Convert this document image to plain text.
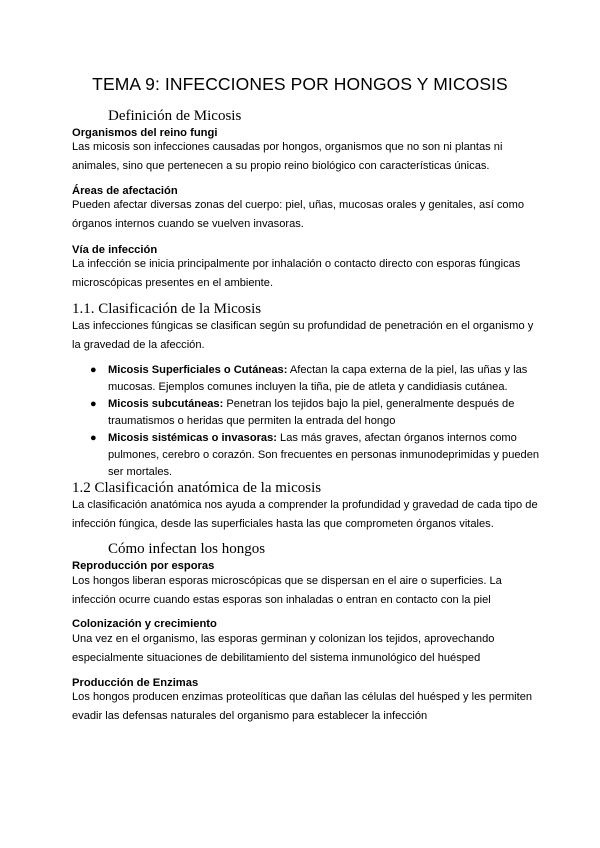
TEMA 9: INFECCIONES POR HONGOS Y MICOSIS
Definición de Micosis
Organismos del reino fungi

Las micosis son infecciones causadas por hongos, organismos que no son ni plantas ni animales, sino que pertenecen a su propio reino biológico con características únicas.

Áreas de afectación

Pueden afectar diversas zonas del cuerpo: piel, uñas, mucosas orales y genitales, así como órganos internos cuando se vuelven invasoras.

Vía de infección

La infección se inicia principalmente por inhalación o contacto directo con esporas fúngicas microscópicas presentes en el ambiente.

1.1. Clasificación de la Micosis

Las infecciones fúngicas se clasifican según su profundidad de penetración en el organismo y la gravedad de la afección.

● Micosis Superficiales o Cutáneas: Afectan la capa externa de la piel, las uñas y las mucosas. Ejemplos comunes incluyen la tiña, pie de atleta y candidiasis cutánea.
● Micosis subcutáneas: Penetran los tejidos bajo la piel, generalmente después de traumatismos o heridas que permiten la entrada del hongo
● Micosis sistémicas o invasoras: Las más graves, afectan órganos internos como pulmones, cerebro o corazón. Son frecuentes en personas inmunodeprimidas y pueden ser mortales.
1.2 Clasificación anatómica de la micosis

La clasificación anatómica nos ayuda a comprender la profundidad y gravedad de cada tipo de infección fúngica, desde las superficiales hasta las que comprometen órganos vitales.

Cómo infectan los hongos
Reproducción por esporas

Los hongos liberan esporas microscópicas que se dispersan en el aire o superficies. La infección ocurre cuando estas esporas son inhaladas o entran en contacto con la piel

Colonización y crecimiento

Una vez en el organismo, las esporas germinan y colonizan los tejidos, aprovechando especialmente situaciones de debilitamiento del sistema inmunológico del huésped

Producción de Enzimas

Los hongos producen enzimas proteolíticas que dañan las células del huésped y les permiten evadir las defensas naturales del organismo para establecer la infección
